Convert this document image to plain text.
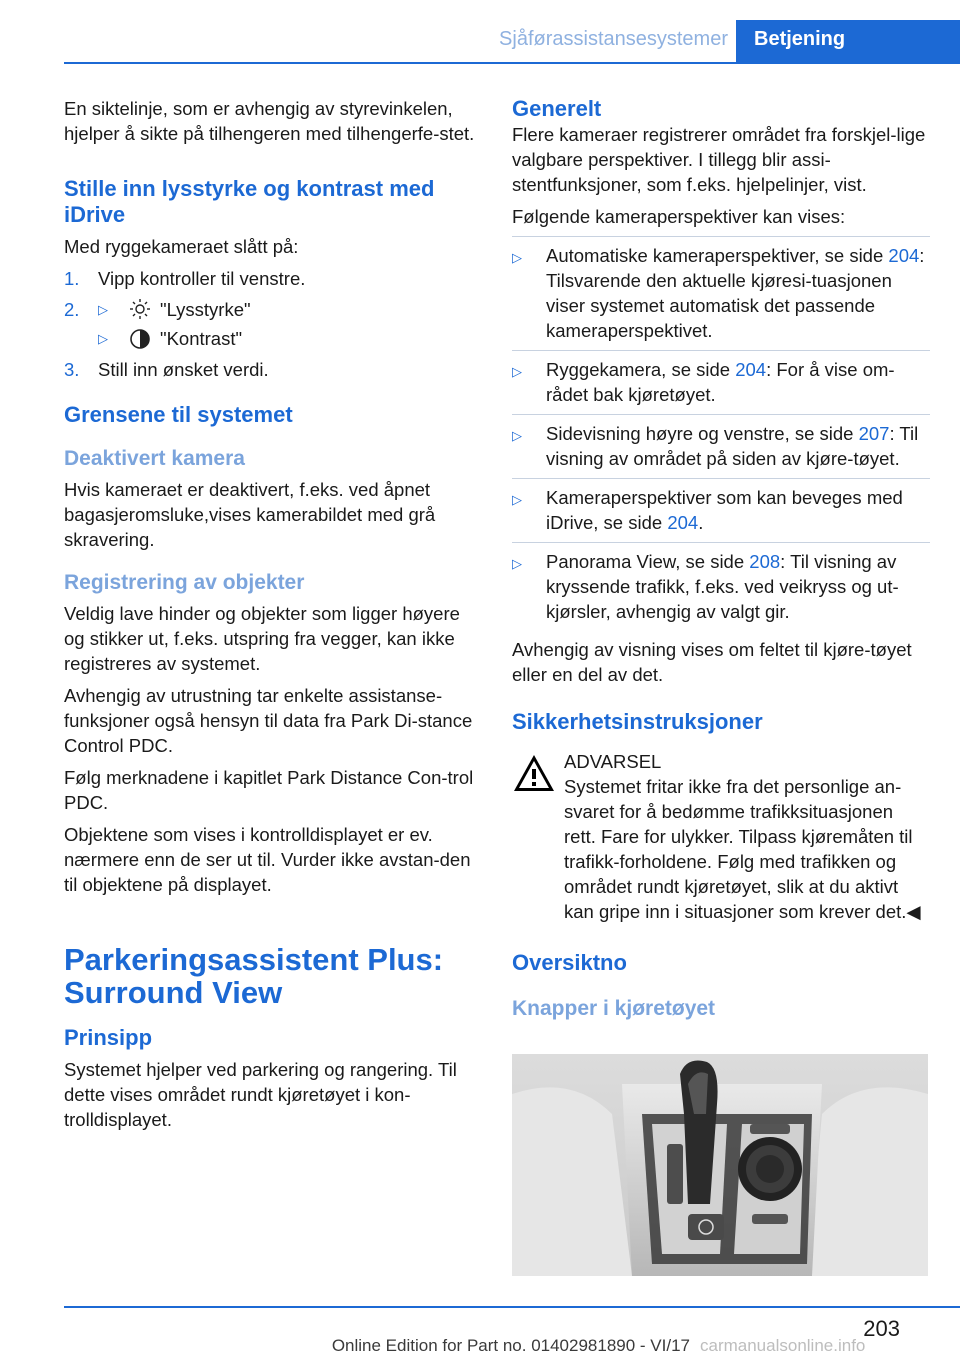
Sjåførassistansesystemer	Betjening

En siktelinje, som er avhengig av styrevinkelen, hjelper å sikte på tilhengeren med tilhengerfe-stet.

Stille inn lysstyrke og kontrast med iDrive

Med ryggekameraet slått på:

1.	Vipp kontroller til venstre.
2.	▷	"Lysstyrke"
▷	"Kontrast"
3.	Still inn ønsket verdi.
Grensene til systemet
Deaktivert kamera

Hvis kameraet er deaktivert, f.eks. ved åpnet bagasjeromsluke,vises kamerabildet med grå skravering.

Registrering av objekter

Veldig lave hinder og objekter som ligger høyere og stikker ut, f.eks. utspring fra vegger, kan ikke registreres av systemet.

Avhengig av utrustning tar enkelte assistanse-funksjoner også hensyn til data fra Park Di-stance Control PDC.

Følg merknadene i kapitlet Park Distance Con-trol PDC.

Objektene som vises i kontrolldisplayet er ev. nærmere enn de ser ut til. Vurder ikke avstan-den til objektene på displayet.

Parkeringsassistent Plus: Surround View
Prinsipp

Systemet hjelper ved parkering og rangering. Til dette vises området rundt kjøretøyet i kon-trolldisplayet.

Generelt

Flere kameraer registrerer området fra forskjel-lige valgbare perspektiver. I tillegg blir assi-stentfunksjoner, som f.eks. hjelpelinjer, vist.

Følgende kameraperspektiver kan vises:

▷	Automatiske kameraperspektiver, se side 204: Tilsvarende den aktuelle kjøresi-tuasjonen viser systemet automatisk det passende kameraperspektivet.
▷	Ryggekamera, se side 204: For å vise om-rådet bak kjøretøyet.
▷	Sidevisning høyre og venstre, se side 207: Til visning av området på siden av kjøre-tøyet.
▷	Kameraperspektiver som kan beveges med iDrive, se side 204.
▷	Panorama View, se side 208: Til visning av kryssende trafikk, f.eks. ved veikryss og ut-kjørsler, avhengig av valgt gir.

Avhengig av visning vises om feltet til kjøre-tøyet eller en del av det.

Sikkerhetsinstruksjoner
ADVARSEL

Systemet fritar ikke fra det personlige an-svaret for å bedømme trafikksituasjonen rett. Fare for ulykker. Tilpass kjøremåten til trafikk-forholdene. Følg med trafikken og området rundt kjøretøyet, slik at du aktivt kan gripe inn i situasjoner som krever det.◀

Oversiktno
Knapper i kjøretøyet
203
Online Edition for Part no. 01402981890 - VI/17 carmanualsonline.info
